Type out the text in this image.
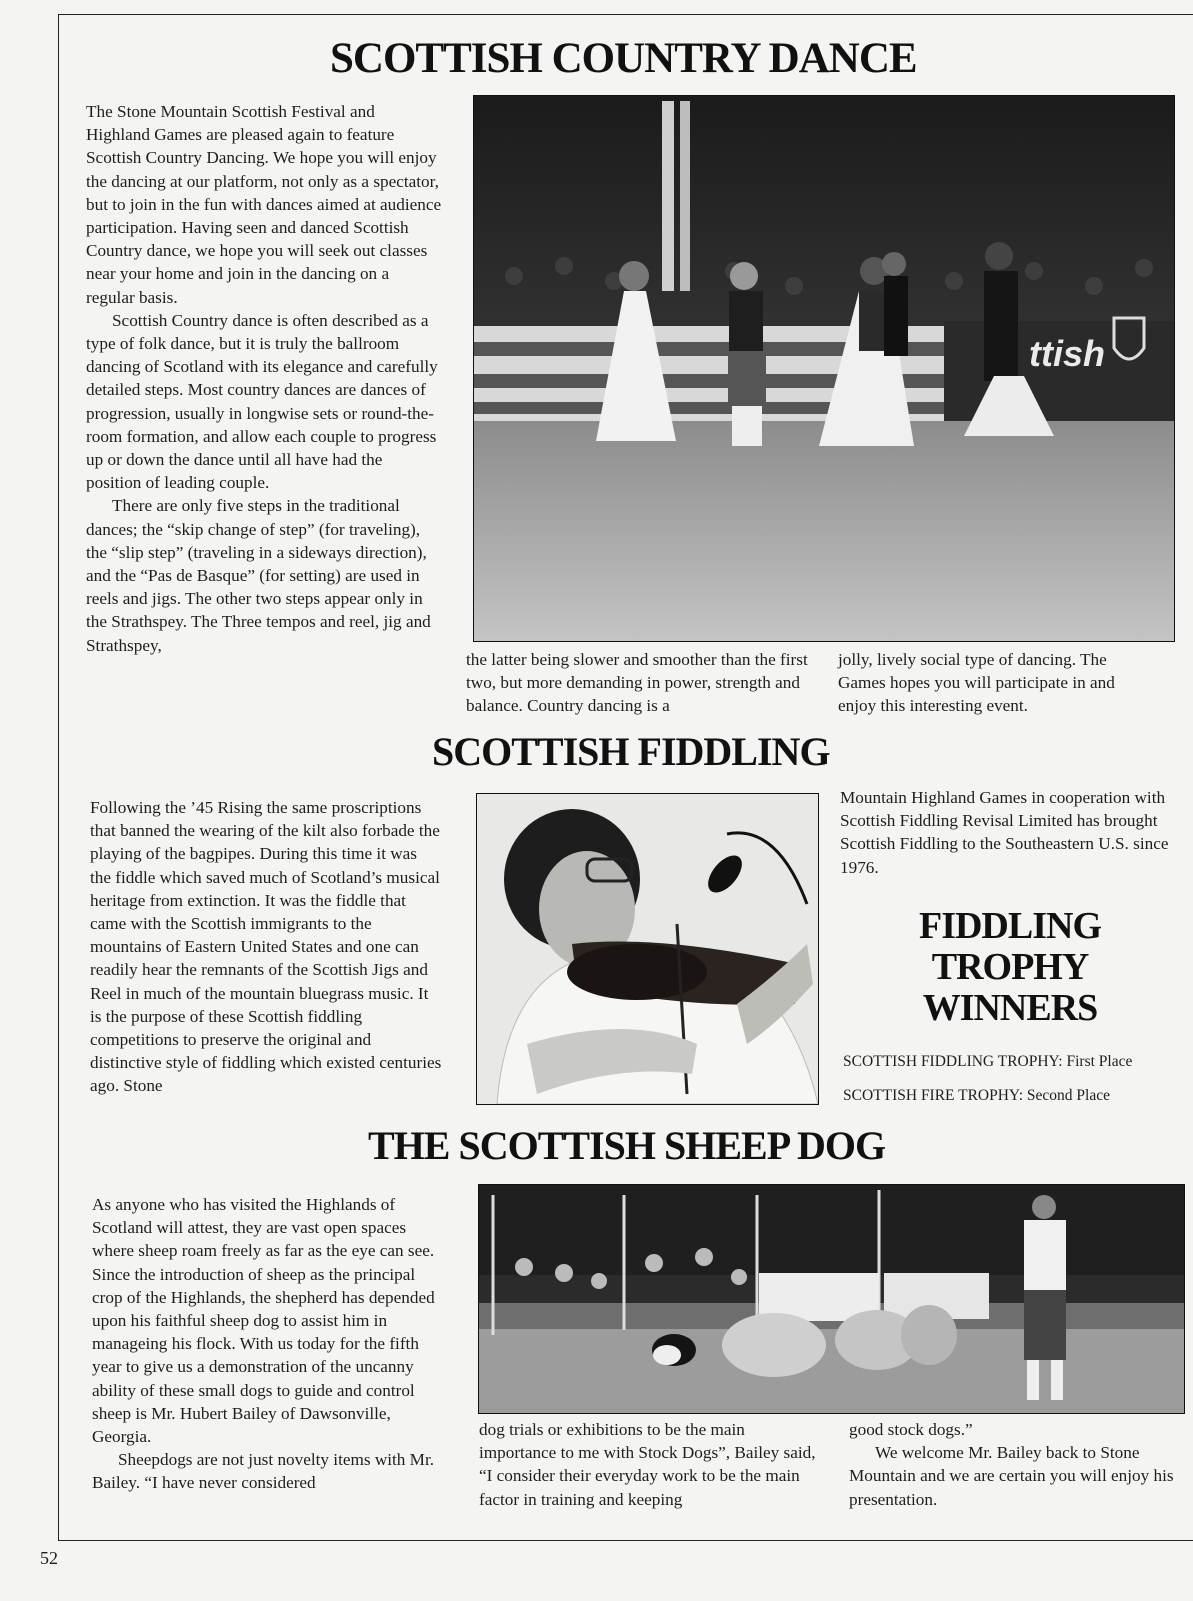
SCOTTISH COUNTRY DANCE

The Stone Mountain Scottish Festival and Highland Games are pleased again to feature Scottish Country Dancing. We hope you will enjoy the dancing at our platform, not only as a spectator, but to join in the fun with dances aimed at audience participation. Having seen and danced Scottish Country dance, we hope you will seek out classes near your home and join in the dancing on a regular basis.

Scottish Country dance is often described as a type of folk dance, but it is truly the ballroom dancing of Scotland with its elegance and carefully detailed steps. Most country dances are dances of progression, usually in longwise sets or round-the-room formation, and allow each couple to progress up or down the dance until all have had the position of leading couple.

There are only five steps in the traditional dances; the “skip change of step” (for traveling), the “slip step” (traveling in a sideways direction), and the “Pas de Basque” (for setting) are used in reels and jigs. The other two steps appear only in the Strathspey. The Three tempos and reel, jig and Strathspey,

ttish

the latter being slower and smoother than the first two, but more demanding in power, strength and balance. Country dancing is a

jolly, lively social type of dancing. The Games hopes you will participate in and enjoy this interesting event.

SCOTTISH FIDDLING

Following the ’45 Rising the same proscriptions that banned the wearing of the kilt also forbade the playing of the bagpipes. During this time it was the fiddle which saved much of Scotland’s musical heritage from extinction. It was the fiddle that came with the Scottish immigrants to the mountains of Eastern United States and one can readily hear the remnants of the Scottish Jigs and Reel in much of the mountain bluegrass music. It is the purpose of these Scottish fiddling competitions to preserve the original and distinctive style of fiddling which existed centuries ago. Stone

Mountain Highland Games in cooperation with Scottish Fiddling Revisal Limited has brought Scottish Fiddling to the Southeastern U.S. since 1976.

FIDDLING
TROPHY
WINNERS
SCOTTISH FIDDLING TROPHY: First Place
SCOTTISH FIRE TROPHY: Second Place
THE SCOTTISH SHEEP DOG

As anyone who has visited the Highlands of Scotland will attest, they are vast open spaces where sheep roam freely as far as the eye can see. Since the introduction of sheep as the principal crop of the Highlands, the shepherd has depended upon his faithful sheep dog to assist him in manageing his flock. With us today for the fifth year to give us a demonstration of the uncanny ability of these small dogs to guide and control sheep is Mr. Hubert Bailey of Dawsonville, Georgia.

Sheepdogs are not just novelty items with Mr. Bailey. “I have never considered

dog trials or exhibitions to be the main importance to me with Stock Dogs”, Bailey said, “I consider their everyday work to be the main factor in training and keeping

good stock dogs.”

We welcome Mr. Bailey back to Stone Mountain and we are certain you will enjoy his presentation.

52
